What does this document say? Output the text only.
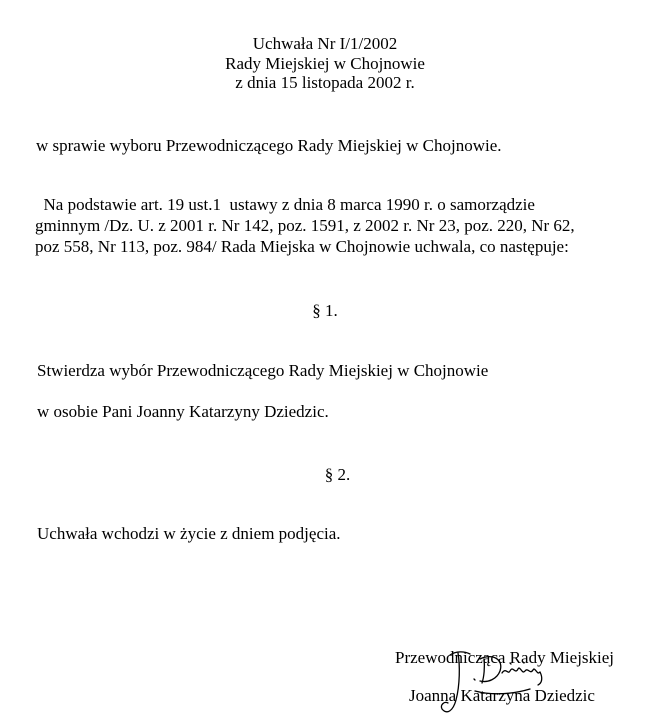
Uchwała Nr I/1/2002
Rady Miejskiej w Chojnowie
z dnia 15 listopada 2002 r.
w sprawie wyboru Przewodniczącego Rady Miejskiej w Chojnowie.
Na podstawie art. 19 ust.1  ustawy z dnia 8 marca 1990 r. o samorządzie
gminnym /Dz. U. z 2001 r. Nr 142, poz. 1591, z 2002 r. Nr 23, poz. 220, Nr 62,
poz 558, Nr 113, poz. 984/ Rada Miejska w Chojnowie uchwala, co następuje:
§ 1.
Stwierdza wybór Przewodniczącego Rady Miejskiej w Chojnowie
w osobie Pani Joanny Katarzyny Dziedzic.
§ 2.
Uchwała wchodzi w życie z dniem podjęcia.
Przewodnicząca Rady Miejskiej
Joanna Katarzyna Dziedzic
